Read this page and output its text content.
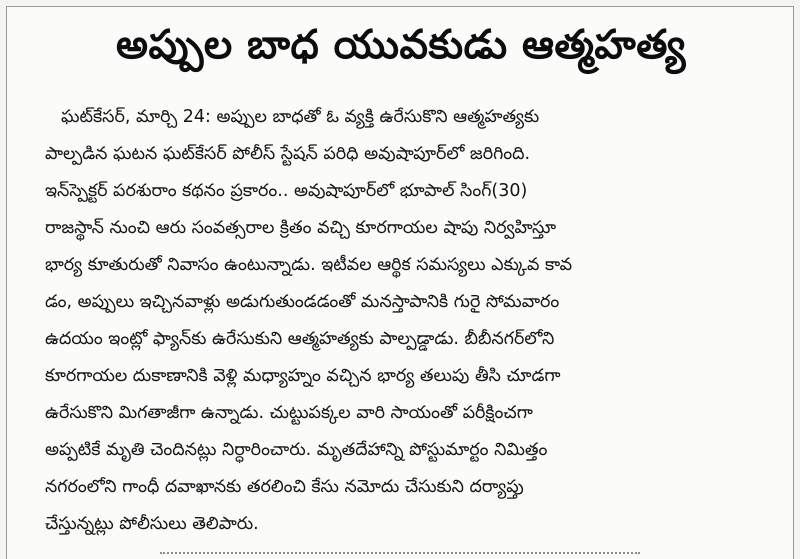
అప్పుల బాధ యువకుడు ఆత్మహత్య
ఘట్‌కేసర్, మార్చి 24: అప్పుల బాధతో ఓ వ్యక్తి ఉరేసుకొని ఆత్మహత్యకు
పాల్పడిన ఘటన ఘట్‌కేసర్ పోలీస్ స్టేషన్ పరిధి అవుషాపూర్‌లో జరిగింది.
ఇన్‌స్పెక్టర్ పరశురాం కథనం ప్రకారం.. అవుషాపూర్‌లో భూపాల్ సింగ్(30)
రాజస్థాన్ నుంచి ఆరు సంవత్సరాల క్రితం వచ్చి కూరగాయల షాపు నిర్వహిస్తూ
భార్య కూతురుతో నివాసం ఉంటున్నాడు. ఇటీవల ఆర్థిక సమస్యలు ఎక్కువ కావ
డం, అప్పులు ఇచ్చినవాళ్లు అడుగుతుండడంతో మనస్తాపానికి గురై సోమవారం
ఉదయం ఇంట్లో ఫ్యాన్‌కు ఉరేసుకుని ఆత్మహత్యకు పాల్పడ్డాడు. బీబీనగర్‌లోని
కూరగాయల దుకాణానికి వెళ్లి మధ్యాహ్నం వచ్చిన భార్య తలుపు తీసి చూడగా
ఉరేసుకొని మిగతాజీగా ఉన్నాడు. చుట్టుపక్కల వారి సాయంతో పరీక్షించగా
అప్పటికే మృతి చెందినట్లు నిర్ధారించారు. మృతదేహాన్ని పోస్టుమార్టం నిమిత్తం
నగరంలోని గాంధీ దవాఖానకు తరలించి కేసు నమోదు చేసుకుని దర్యాప్తు
చేస్తున్నట్లు పోలీసులు తెలిపారు.
